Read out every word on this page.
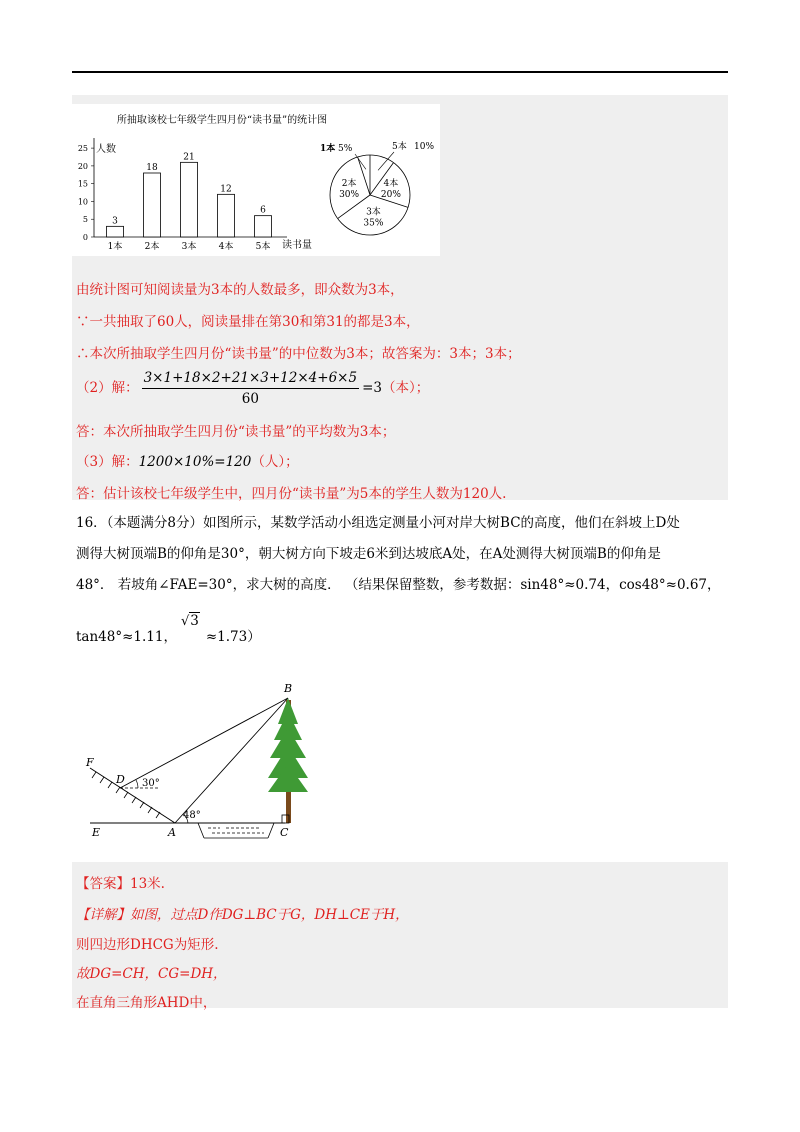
所抽取该校七年级学生四月份“读书量”的统计图
人数
读书量
0
5
10
15
20
25
3
1本
18
2本
21
3本
12
4本
6
5本
2本
30%
3本
35%
4本
20%
1本 5%	5本 10%
由统计图可知阅读量为3本的人数最多，即众数为3本，
∵一共抽取了60人，阅读量排在第30和第31的都是3本，
∴本次所抽取学生四月份“读书量”的中位数为3本；故答案为：3本；3本；
（2）解： $\frac{3\times 1+18\times 2+21\times 3+12\times 4+6\times 5}{60} =3$（本）；
答：本次所抽取学生四月份“读书量”的平均数为3本；
（3）解：1200×10%=120（人）；
答：估计该校七年级学生中，四月份“读书量”为5本的学生人数为120人.
16．（本题满分8分）如图所示，某数学活动小组选定测量小河对岸大树BC的高度，他们在斜坡上D处
测得大树顶端B的仰角是30°，朝大树方向下坡走6米到达坡底A处，在A处测得大树顶端B的仰角是
48°． 若坡角∠FAE=30°，求大树的高度． （结果保留整数，参考数据：sin48°≈0.74，cos48°≈0.67，
tan48°≈1.11，√3≈1.73）
B
F
D 30°
E	A
48°
C
【答案】13米.
【详解】如图，过点D作DG⊥BC于G，DH⊥CE于H，
则四边形DHCG为矩形.
故DG=CH，CG=DH，
在直角三角形AHD中，
